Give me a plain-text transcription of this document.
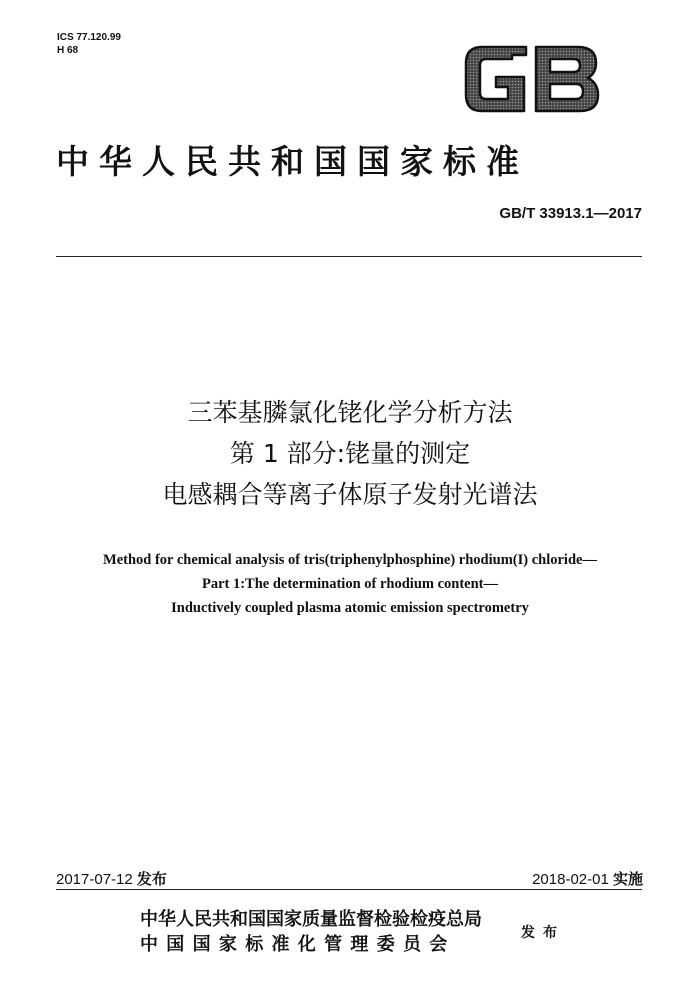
ICS 77.120.99
H 68
中华人民共和国国家标准
GB/T 33913.1—2017
三苯基膦氯化铑化学分析方法
第 1 部分:铑量的测定
电感耦合等离子体原子发射光谱法
Method for chemical analysis of tris(triphenylphosphine) rhodium(I) chloride—
Part 1:The determination of rhodium content—
Inductively coupled plasma atomic emission spectrometry
2017-07-12 发布	2018-02-01 实施
中华人民共和国国家质量监督检验检疫总局
中国国家标准化管理委员会
发布
